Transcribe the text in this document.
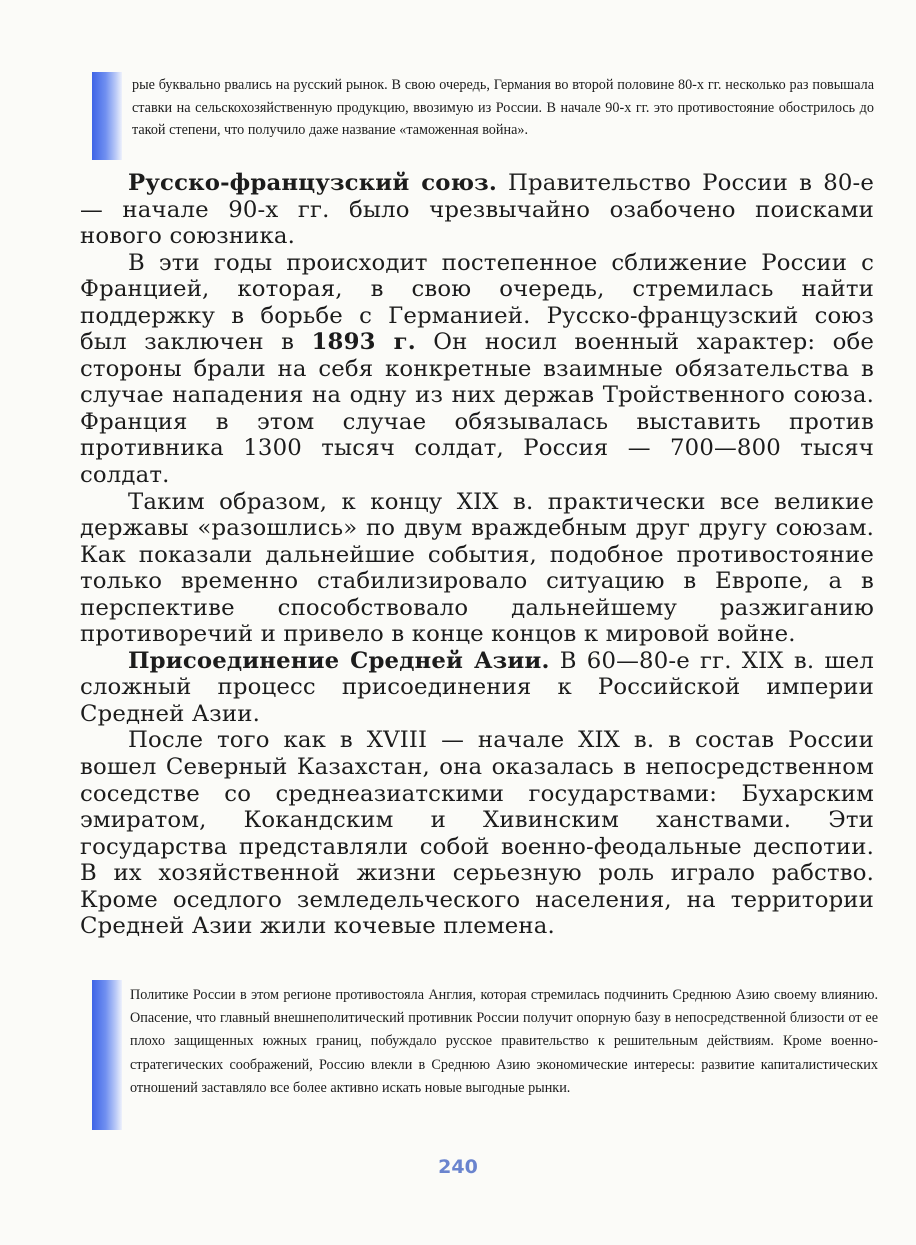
рые буквально рвались на русский рынок. В свою очередь, Германия во второй половине 80-х гг. несколько раз повышала ставки на сельскохозяйственную продукцию, ввозимую из России. В начале 90-х гг. это противостояние обострилось до такой степени, что получило даже название «таможенная война».

Русско-французский союз. Правительство России в 80-е — начале 90-х гг. было чрезвычайно озабочено поисками нового союзника.

В эти годы происходит постепенное сближение России с Францией, которая, в свою очередь, стремилась найти поддержку в борьбе с Германией. Русско-французский союз был заключен в 1893 г. Он носил военный характер: обе стороны брали на себя конкретные взаимные обязательства в случае нападения на одну из них держав Тройственного союза. Франция в этом случае обязывалась выставить против противника 1300 тысяч солдат, Россия — 700—800 тысяч солдат.

Таким образом, к концу XIX в. практически все великие державы «разошлись» по двум враждебным друг другу союзам. Как показали дальнейшие события, подобное противостояние только временно стабилизировало ситуацию в Европе, а в перспективе способствовало дальнейшему разжиганию противоречий и привело в конце концов к мировой войне.

Присоединение Средней Азии. В 60—80-е гг. XIX в. шел сложный процесс присоединения к Российской империи Средней Азии.

После того как в XVIII — начале XIX в. в состав России вошел Северный Казахстан, она оказалась в непосредственном соседстве со среднеазиатскими государствами: Бухарским эмиратом, Кокандским и Хивинским ханствами. Эти государства представляли собой военно-феодальные деспотии. В их хозяйственной жизни серьезную роль играло рабство. Кроме оседлого земледельческого населения, на территории Средней Азии жили кочевые племена.

Политике России в этом регионе противостояла Англия, которая стремилась подчинить Среднюю Азию своему влиянию. Опасение, что главный внешнеполитический противник России получит опорную базу в непосредственной близости от ее плохо защищенных южных границ, побуждало русское правительство к решительным действиям. Кроме военно-стратегических соображений, Россию влекли в Среднюю Азию экономические интересы: развитие капиталистических отношений заставляло все более активно искать новые выгодные рынки.

240
